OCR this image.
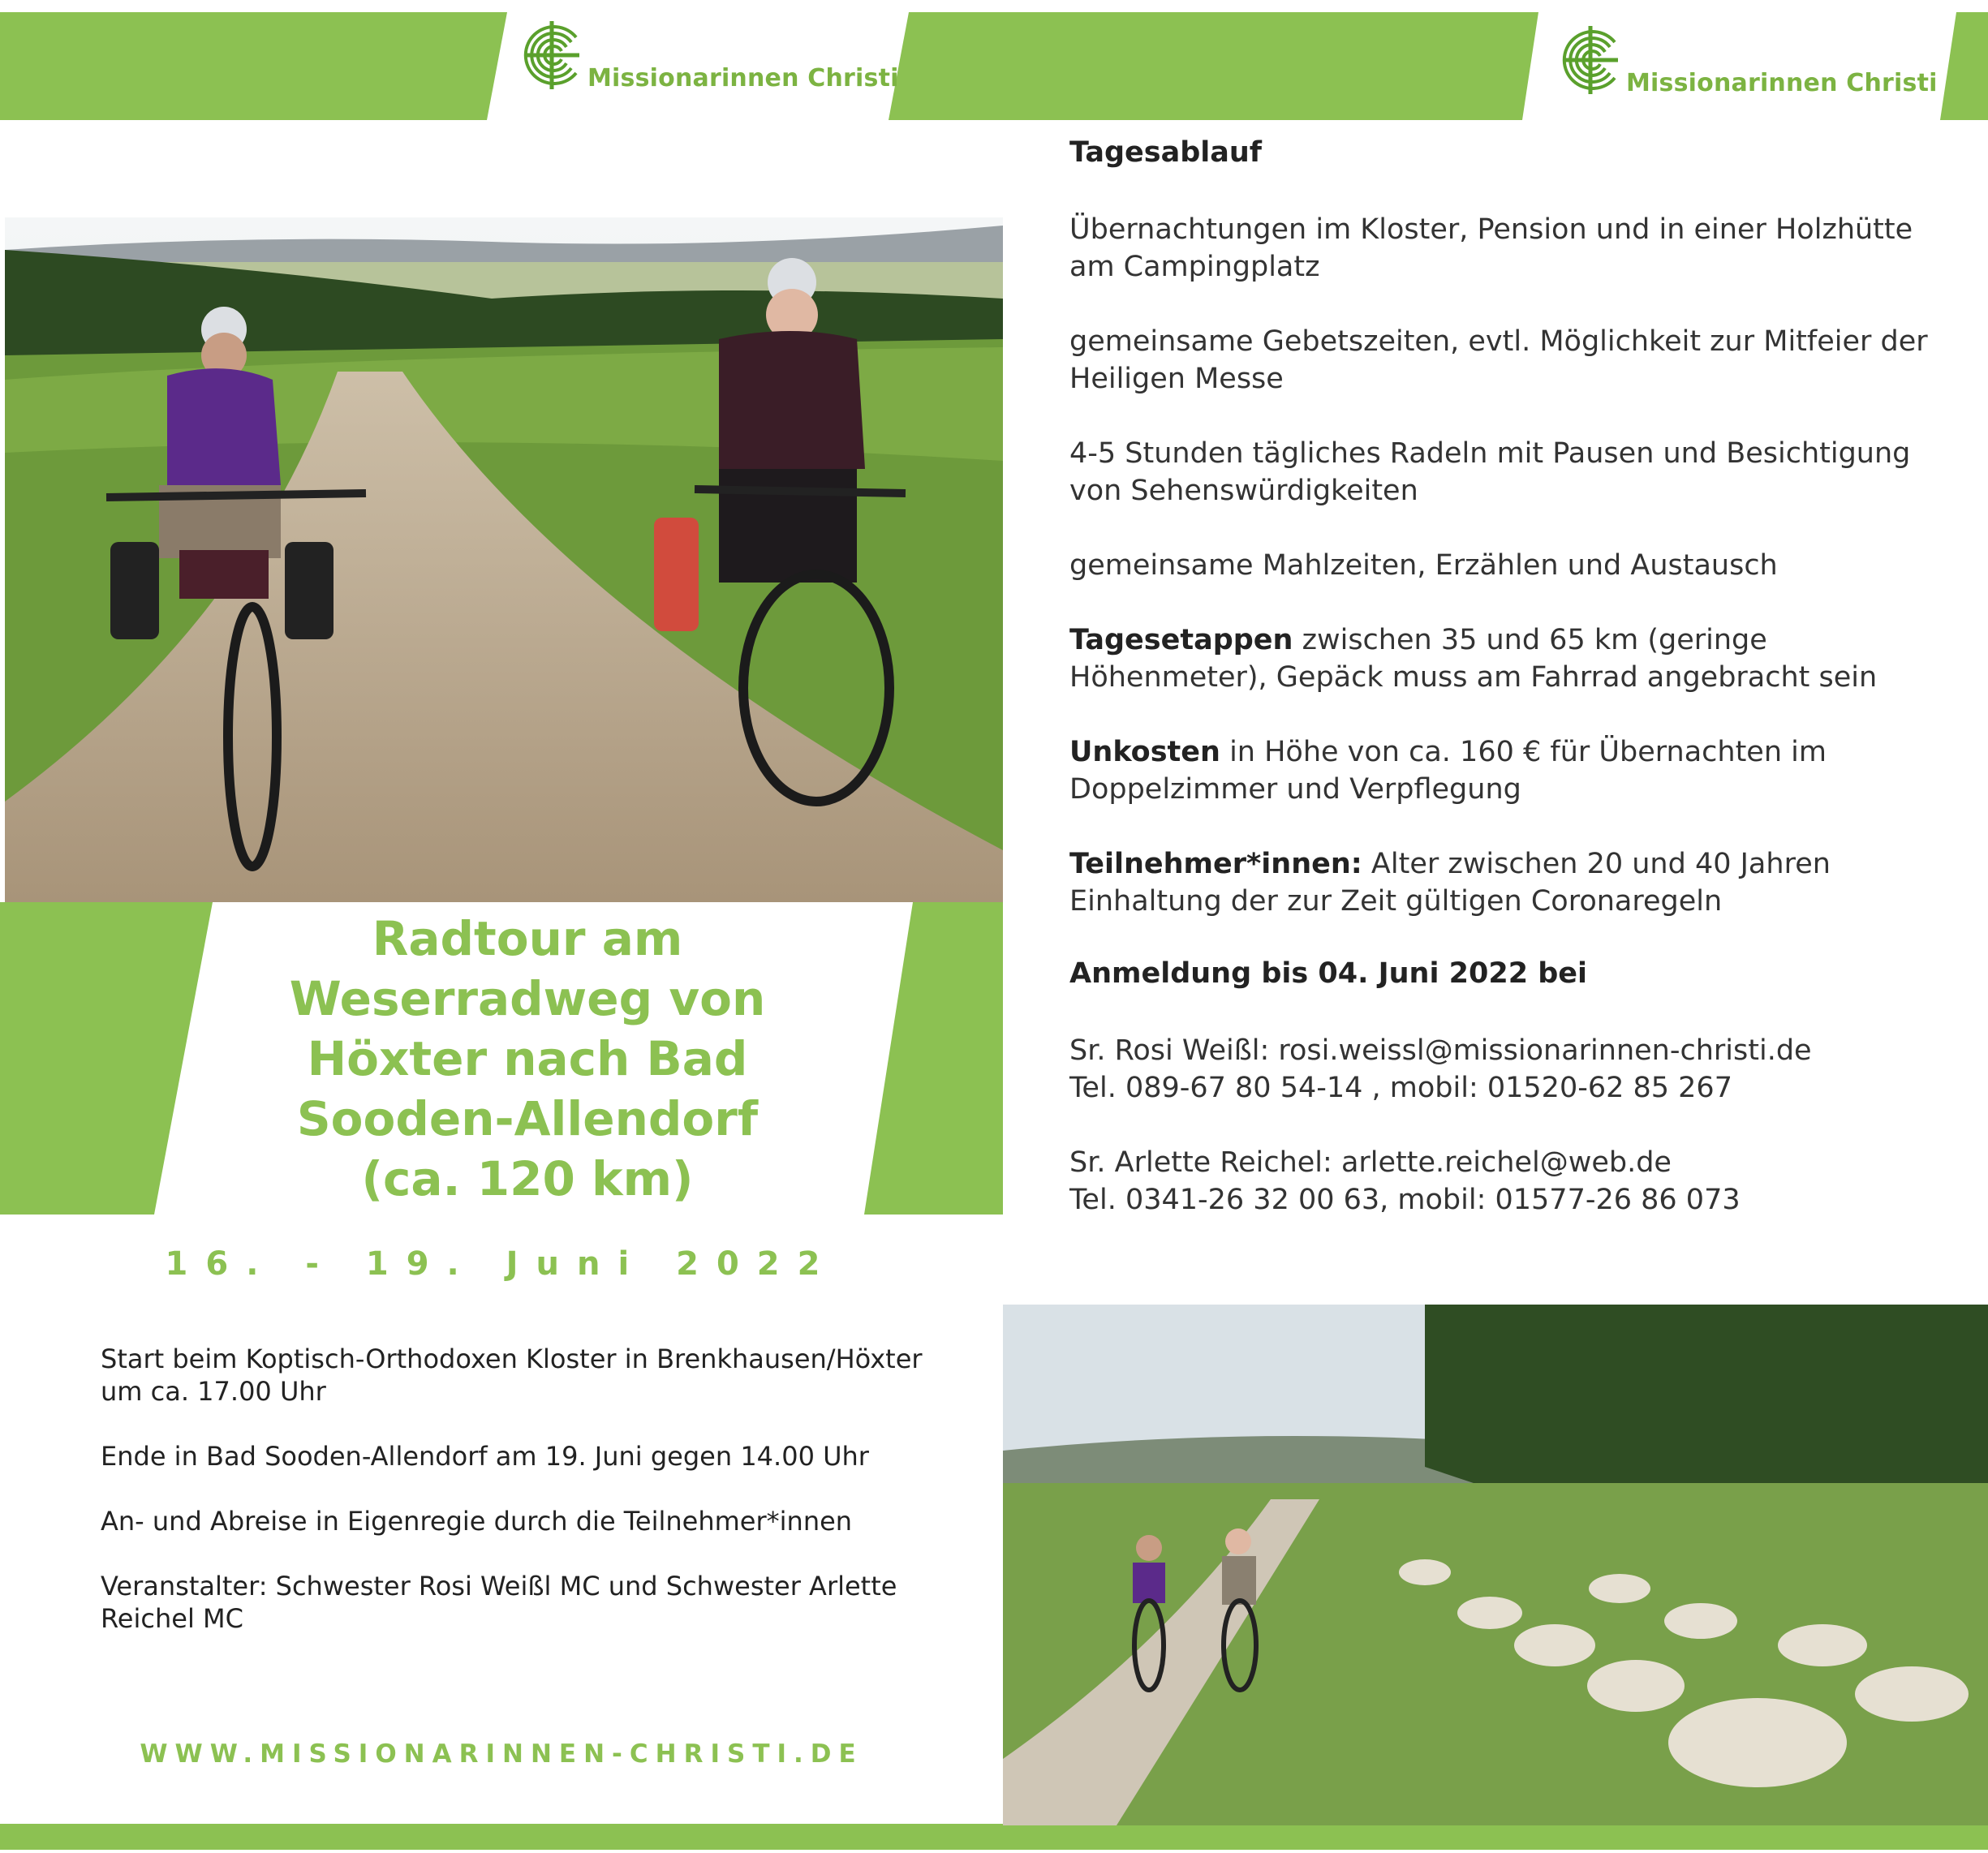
Missionarinnen Christi
Radtour am
Weserradweg von
Höxter nach Bad
Sooden-Allendorf
(ca. 120 km)
16. - 19. Juni 2022
Start beim Koptisch-Orthodoxen Kloster in Brenkhausen/Höxter um ca. 17.00 Uhr
Ende in Bad Sooden-Allendorf am 19. Juni gegen 14.00 Uhr
An- und Abreise in Eigenregie durch die Teilnehmer*innen
Veranstalter: Schwester Rosi Weißl MC und Schwester Arlette Reichel MC
WWW.MISSIONARINNEN-CHRISTI.DE
Missionarinnen Christi
Tagesablauf
Übernachtungen im Kloster, Pension und in einer Holzhütte am Campingplatz
gemeinsame Gebetszeiten, evtl. Möglichkeit zur Mitfeier der Heiligen Messe
4-5 Stunden tägliches Radeln mit Pausen und Besichtigung von Sehenswürdigkeiten
gemeinsame Mahlzeiten, Erzählen und Austausch
Tagesetappen zwischen 35 und 65 km (geringe Höhenmeter), Gepäck muss am Fahrrad angebracht sein
Unkosten in Höhe von ca. 160 € für Übernachten im Doppelzimmer und Verpflegung
Teilnehmer*innen: Alter zwischen 20 und 40 Jahren Einhaltung der zur Zeit gültigen Coronaregeln
Anmeldung bis 04. Juni 2022 bei
Sr. Rosi Weißl: rosi.weissl@missionarinnen-christi.de
Tel. 089-67 80 54-14 , mobil: 01520-62 85 267
Sr. Arlette Reichel: arlette.reichel@web.de
Tel. 0341-26 32 00 63, mobil: 01577-26 86 073
